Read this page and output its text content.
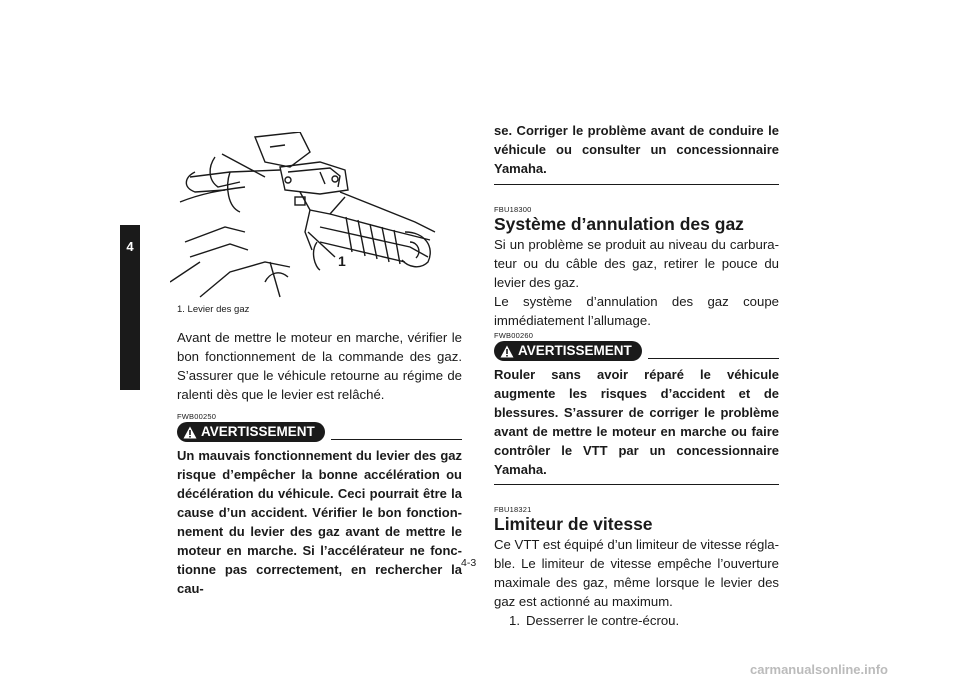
4
1
1. Levier des gaz
Avant de mettre le moteur en marche, vérifier le bon fonctionnement de la commande des gaz. S’assurer que le véhicule retourne au régime de ralenti dès que le levier est relâché.
FWB00250
AVERTISSEMENT
Un mauvais fonctionnement du levier des gaz risque d’empêcher la bonne accélération ou décélération du véhicule. Ceci pourrait être la cause d’un accident. Vérifier le bon fonctionnement du levier des gaz avant de mettre le moteur en marche. Si l’accélérateur ne fonctionne pas correctement, en rechercher la cau-
se. Corriger le problème avant de conduire le véhicule ou consulter un concessionnaire Yamaha.
FBU18300
Système d’annulation des gaz
Si un problème se produit au niveau du carburateur ou du câble des gaz, retirer le pouce du levier des gaz.
Le système d’annulation des gaz coupe immédiatement l’allumage.
FWB00260
AVERTISSEMENT
Rouler sans avoir réparé le véhicule augmente les risques d’accident et de blessures. S’assurer de corriger le problème avant de mettre le moteur en marche ou faire contrôler le VTT par un concessionnaire Yamaha.
FBU18321
Limiteur de vitesse
Ce VTT est équipé d’un limiteur de vitesse réglable. Le limiteur de vitesse empêche l’ouverture maximale des gaz, même lorsque le levier des gaz est actionné au maximum.
1. Desserrer le contre-écrou.
4-3
carmanualsonline.info
